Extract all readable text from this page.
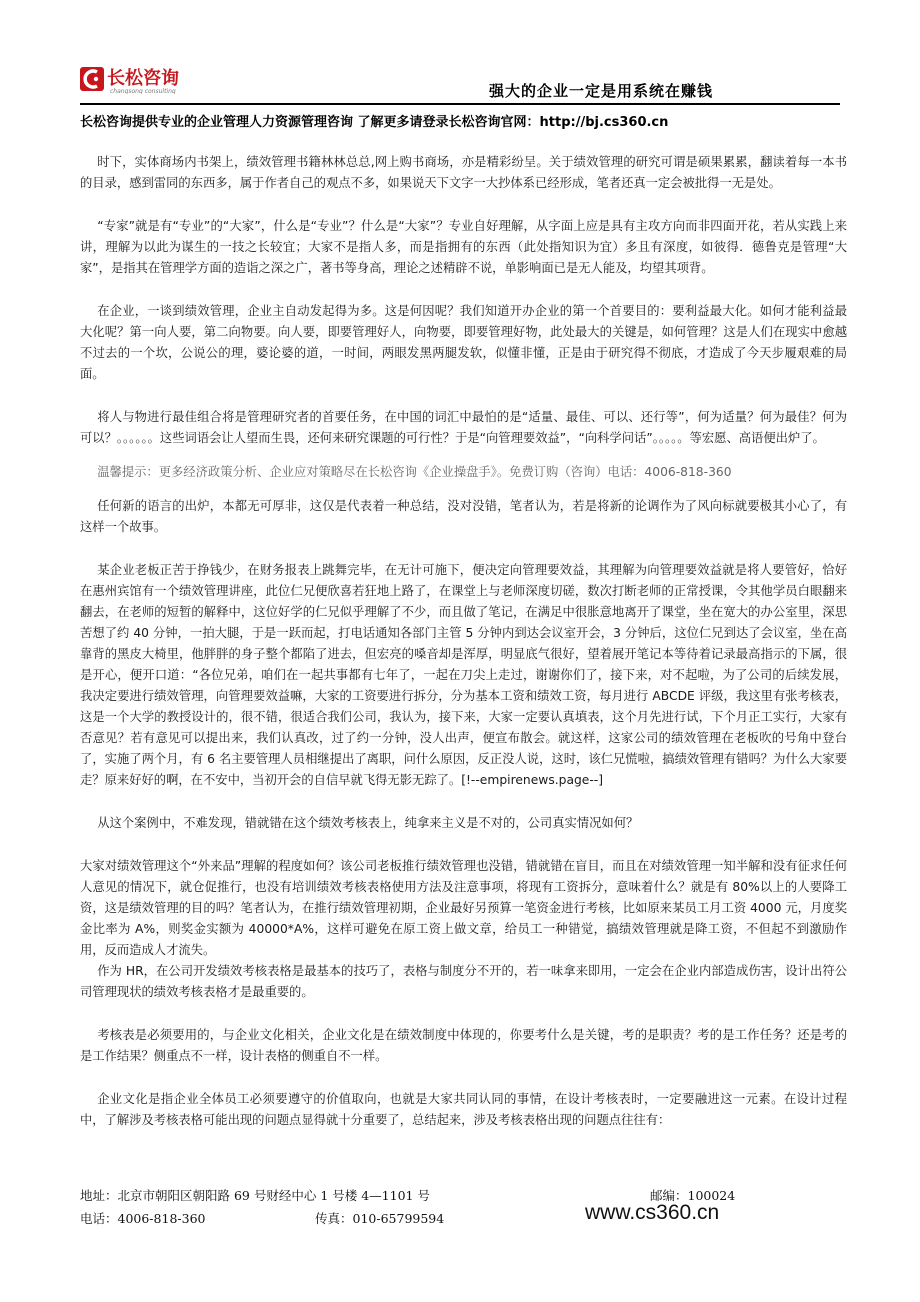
长松咨询
changsong consulting	强大的企业一定是用系统在赚钱
长松咨询提供专业的企业管理人力资源管理咨询 了解更多请登录长松咨询官网：http://bj.cs360.cn

时下，实体商场内书架上，绩效管理书籍林林总总,网上购书商场，亦是精彩纷呈。关于绩效管理的研究可谓是硕果累累，翻读着每一本书的目录，感到雷同的东西多，属于作者自己的观点不多，如果说天下文字一大抄体系已经形成，笔者还真一定会被批得一无是处。

“专家”就是有“专业”的“大家”，什么是“专业”？什么是“大家”？专业自好理解，从字面上应是具有主攻方向而非四面开花，若从实践上来讲，理解为以此为谋生的一技之长较宜；大家不是指人多，而是指拥有的东西（此处指知识为宜）多且有深度，如彼得．德鲁克是管理“大家”，是指其在管理学方面的造诣之深之广，著书等身高，理论之述精辟不说，单影响面已是无人能及，均望其项背。

在企业，一谈到绩效管理，企业主自动发起得为多。这是何因呢？我们知道开办企业的第一个首要目的：要利益最大化。如何才能利益最大化呢？第一向人要，第二向物要。向人要，即要管理好人，向物要，即要管理好物，此处最大的关键是，如何管理？这是人们在现实中愈越不过去的一个坎，公说公的理，婆论婆的道，一时间，两眼发黑两腿发软，似懂非懂，正是由于研究得不彻底，才造成了今天步履艰难的局面。

将人与物进行最佳组合将是管理研究者的首要任务，在中国的词汇中最怕的是“适量、最佳、可以、还行等”，何为适量？何为最佳？何为可以？。。。。。。这些词语会让人望而生畏，还何来研究课题的可行性？于是“向管理要效益”，“向科学问话”。。。。。等宏愿、高语便出炉了。

温馨提示：更多经济政策分析、企业应对策略尽在长松咨询《企业操盘手》。免费订购（咨询）电话：4006-818-360

任何新的语言的出炉，本都无可厚非，这仅是代表着一种总结，没对没错，笔者认为，若是将新的论调作为了风向标就要极其小心了，有这样一个故事。

某企业老板正苦于挣钱少，在财务报表上跳舞完毕，在无计可施下，便决定向管理要效益，其理解为向管理要效益就是将人要管好，恰好在惠州宾馆有一个绩效管理讲座，此位仁兄便欣喜若狂地上路了，在课堂上与老师深度切磋，数次打断老师的正常授课，令其他学员白眼翻来翻去，在老师的短暂的解释中，这位好学的仁兄似乎理解了不少，而且做了笔记，在满足中很胀意地离开了课堂，坐在宽大的办公室里，深思苦想了约 40 分钟，一拍大腿，于是一跃而起，打电话通知各部门主管 5 分钟内到达会议室开会，3 分钟后，这位仁兄到达了会议室，坐在高靠背的黑皮大椅里，他胖胖的身子整个都陷了进去，但宏亮的嗓音却是浑厚，明显底气很好，望着展开笔记本等待着记录最高指示的下属，很是开心，便开口道：“各位兄弟，咱们在一起共事都有七年了，一起在刀尖上走过，谢谢你们了，接下来，对不起啦，为了公司的后续发展，我决定要进行绩效管理，向管理要效益嘛，大家的工资要进行拆分，分为基本工资和绩效工资，每月进行 ABCDE 评级，我这里有张考核表，这是一个大学的教授设计的，很不错，很适合我们公司，我认为，接下来，大家一定要认真填表，这个月先进行试，下个月正工实行，大家有否意见？若有意见可以提出来，我们认真改，过了约一分钟，没人出声，便宣布散会。就这样，这家公司的绩效管理在老板吹的号角中登台了，实施了两个月，有 6 名主要管理人员相继提出了离职，问什么原因，反正没人说，这时，该仁兄慌啦，搞绩效管理有错吗？为什么大家要走？原来好好的啊，在不安中，当初开会的自信早就飞得无影无踪了。[!--empirenews.page--]

从这个案例中，不难发现，错就错在这个绩效考核表上，纯拿来主义是不对的，公司真实情况如何？

大家对绩效管理这个“外来品”理解的程度如何？该公司老板推行绩效管理也没错，错就错在盲目，而且在对绩效管理一知半解和没有征求任何人意见的情况下，就仓促推行，也没有培训绩效考核表格使用方法及注意事项，将现有工资拆分，意味着什么？就是有 80%以上的人要降工资，这是绩效管理的目的吗？笔者认为，在推行绩效管理初期，企业最好另预算一笔资金进行考核，比如原来某员工月工资 4000 元，月度奖金比率为 A%，则奖金实额为 40000*A%，这样可避免在原工资上做文章，给员工一种错觉，搞绩效管理就是降工资，不但起不到激励作用，反而造成人才流失。

作为 HR，在公司开发绩效考核表格是最基本的技巧了，表格与制度分不开的，若一味拿来即用，一定会在企业内部造成伤害，设计出符公司管理现状的绩效考核表格才是最重要的。

考核表是必须要用的，与企业文化相关，企业文化是在绩效制度中体现的，你要考什么是关键，考的是职责？考的是工作任务？还是考的是工作结果？侧重点不一样，设计表格的侧重自不一样。

企业文化是指企业全体员工必须要遵守的价值取向，也就是大家共同认同的事情，在设计考核表时，一定要融进这一元素。在设计过程中，了解涉及考核表格可能出现的问题点显得就十分重要了，总结起来，涉及考核表格出现的问题点往往有：

地址：北京市朝阳区朝阳路 69 号财经中心 1 号楼 4—1101 号	邮编：100024
电话：4006-818-360	传真：010-65799594	www.cs360.cn
